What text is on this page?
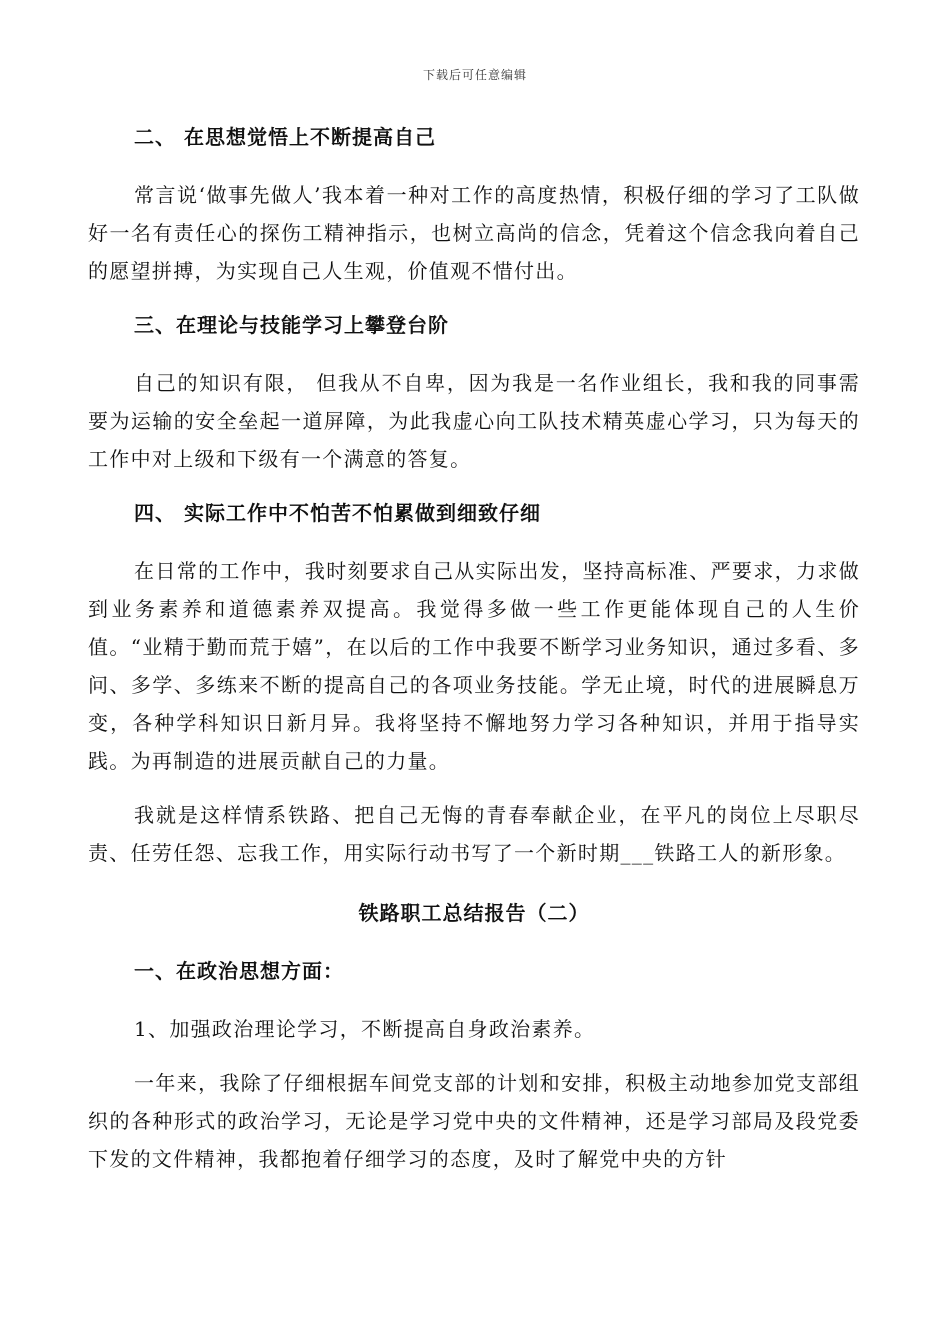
下载后可任意编辑
二、 在思想觉悟上不断提高自己

常言说‘做事先做人’我本着一种对工作的高度热情，积极仔细的学习了工队做好一名有责任心的探伤工精神指示，也树立高尚的信念，凭着这个信念我向着自己的愿望拼搏，为实现自己人生观，价值观不惜付出。

三、在理论与技能学习上攀登台阶

自己的知识有限， 但我从不自卑，因为我是一名作业组长，我和我的同事需要为运输的安全垒起一道屏障，为此我虚心向工队技术精英虚心学习，只为每天的工作中对上级和下级有一个满意的答复。

四、 实际工作中不怕苦不怕累做到细致仔细

在日常的工作中，我时刻要求自己从实际出发，坚持高标准、严要求，力求做到业务素养和道德素养双提高。我觉得多做一些工作更能体现自己的人生价值。“业精于勤而荒于嬉”，在以后的工作中我要不断学习业务知识，通过多看、多问、多学、多练来不断的提高自己的各项业务技能。学无止境，时代的进展瞬息万变，各种学科知识日新月异。我将坚持不懈地努力学习各种知识，并用于指导实践。为再制造的进展贡献自己的力量。

我就是这样情系铁路、把自己无悔的青春奉献企业，在平凡的岗位上尽职尽责、任劳任怨、忘我工作，用实际行动书写了一个新时期___铁路工人的新形象。

铁路职工总结报告（二）
一、在政治思想方面：

1、加强政治理论学习，不断提高自身政治素养。

一年来，我除了仔细根据车间党支部的计划和安排，积极主动地参加党支部组织的各种形式的政治学习，无论是学习党中央的文件精神，还是学习部局及段党委下发的文件精神，我都抱着仔细学习的态度，及时了解党中央的方针
